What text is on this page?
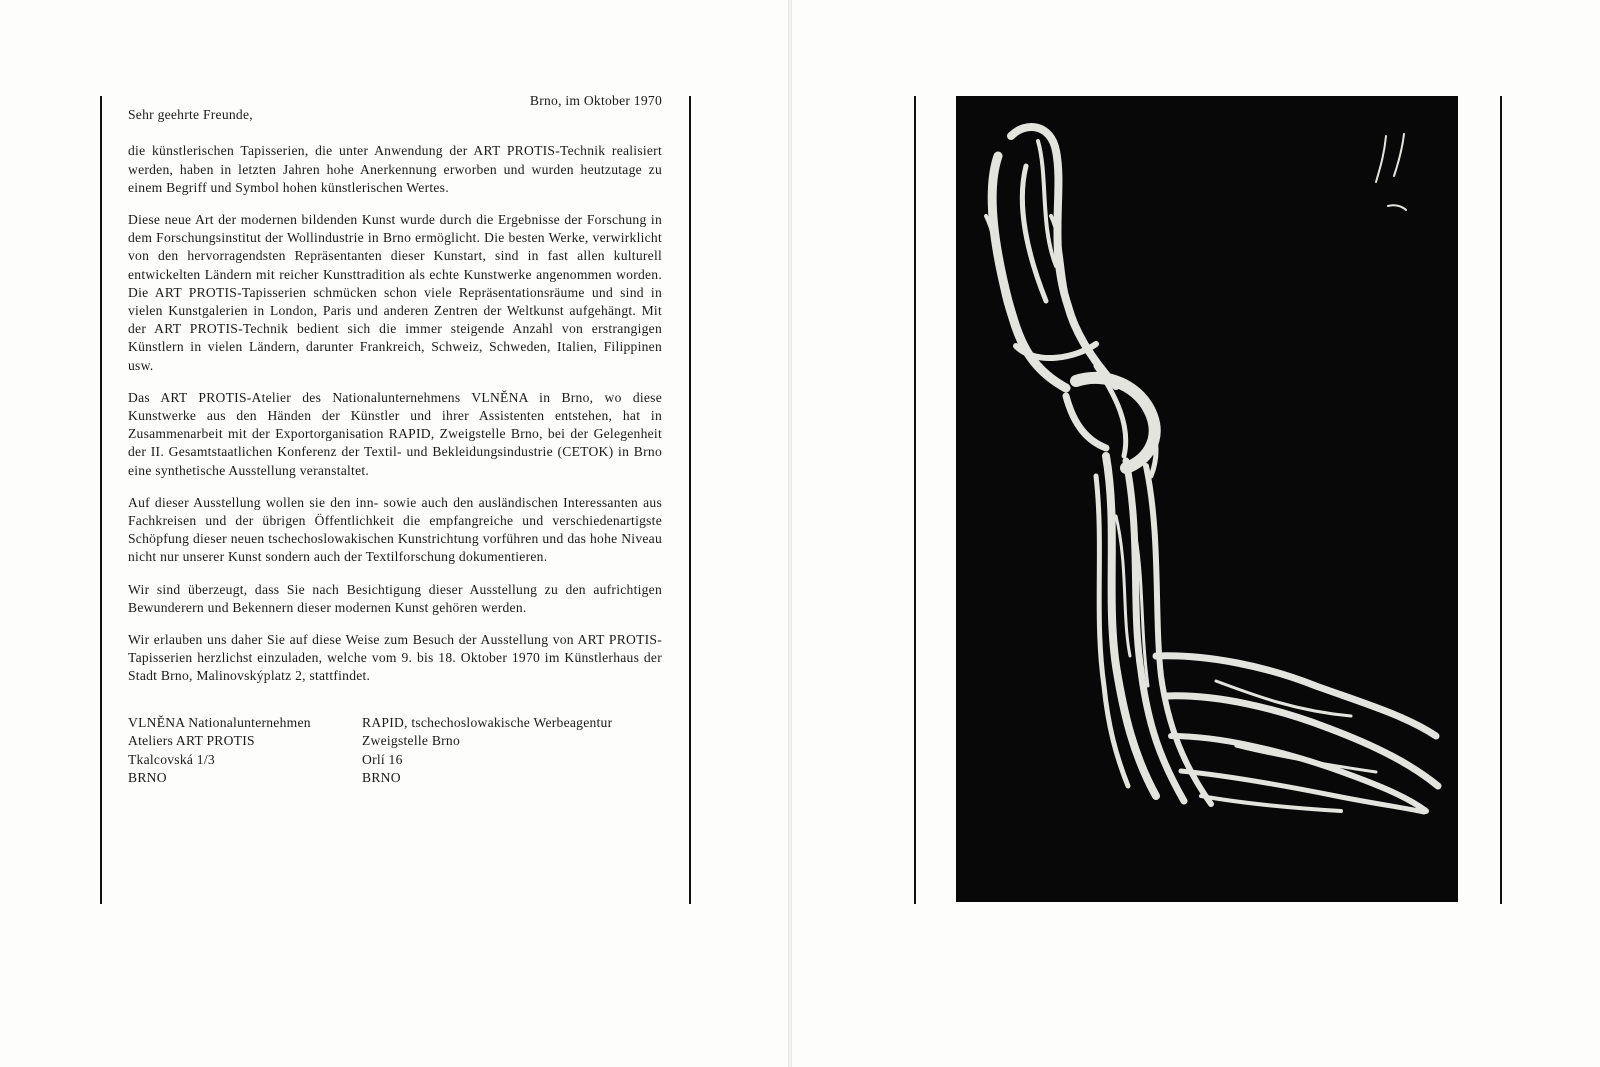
Brno, im Oktober 1970

Sehr geehrte Freunde,

die künstlerischen Tapisserien, die unter Anwendung der ART PROTIS-Technik realisiert werden, haben in letzten Jahren hohe Anerkennung erworben und wurden heutzutage zu einem Begriff und Symbol hohen künstlerischen Wertes.

Diese neue Art der modernen bildenden Kunst wurde durch die Ergebnisse der Forschung in dem Forschungsinstitut der Wollindustrie in Brno ermöglicht. Die besten Werke, verwirklicht von den hervorragendsten Repräsentanten dieser Kunstart, sind in fast allen kulturell entwickelten Ländern mit reicher Kunsttradition als echte Kunstwerke angenommen worden. Die ART PROTIS-Tapisserien schmücken schon viele Repräsentationsräume und sind in vielen Kunstgalerien in London, Paris und anderen Zentren der Weltkunst aufgehängt. Mit der ART PROTIS-Technik bedient sich die immer steigende Anzahl von erstrangigen Künstlern in vielen Ländern, darunter Frankreich, Schweiz, Schweden, Italien, Filippinen usw.

Das ART PROTIS-Atelier des Nationalunternehmens VLNĚNA in Brno, wo diese Kunstwerke aus den Händen der Künstler und ihrer Assistenten entstehen, hat in Zusammenarbeit mit der Exportorganisation RAPID, Zweigstelle Brno, bei der Gelegenheit der II. Gesamtstaatlichen Konferenz der Textil- und Bekleidungsindustrie (CETOK) in Brno eine synthetische Ausstellung veranstaltet.

Auf dieser Ausstellung wollen sie den inn- sowie auch den ausländischen Interessanten aus Fachkreisen und der übrigen Öffentlichkeit die empfangreiche und verschiedenartigste Schöpfung dieser neuen tschechoslowakischen Kunstrichtung vorführen und das hohe Niveau nicht nur unserer Kunst sondern auch der Textilforschung dokumentieren.

Wir sind überzeugt, dass Sie nach Besichtigung dieser Ausstellung zu den aufrichtigen Bewunderern und Bekennern dieser modernen Kunst gehören werden.

Wir erlauben uns daher Sie auf diese Weise zum Besuch der Ausstellung von ART PROTIS-Tapisserien herzlichst einzuladen, welche vom 9. bis 18. Oktober 1970 im Künstlerhaus der Stadt Brno, Malinovskýplatz 2, stattfindet.

VLNĚNA Nationalunternehmen
Ateliers ART PROTIS
Tkalcovská 1/3
BRNO
RAPID, tschechoslowakische Werbeagentur
Zweigstelle Brno
Orlí 16
BRNO
